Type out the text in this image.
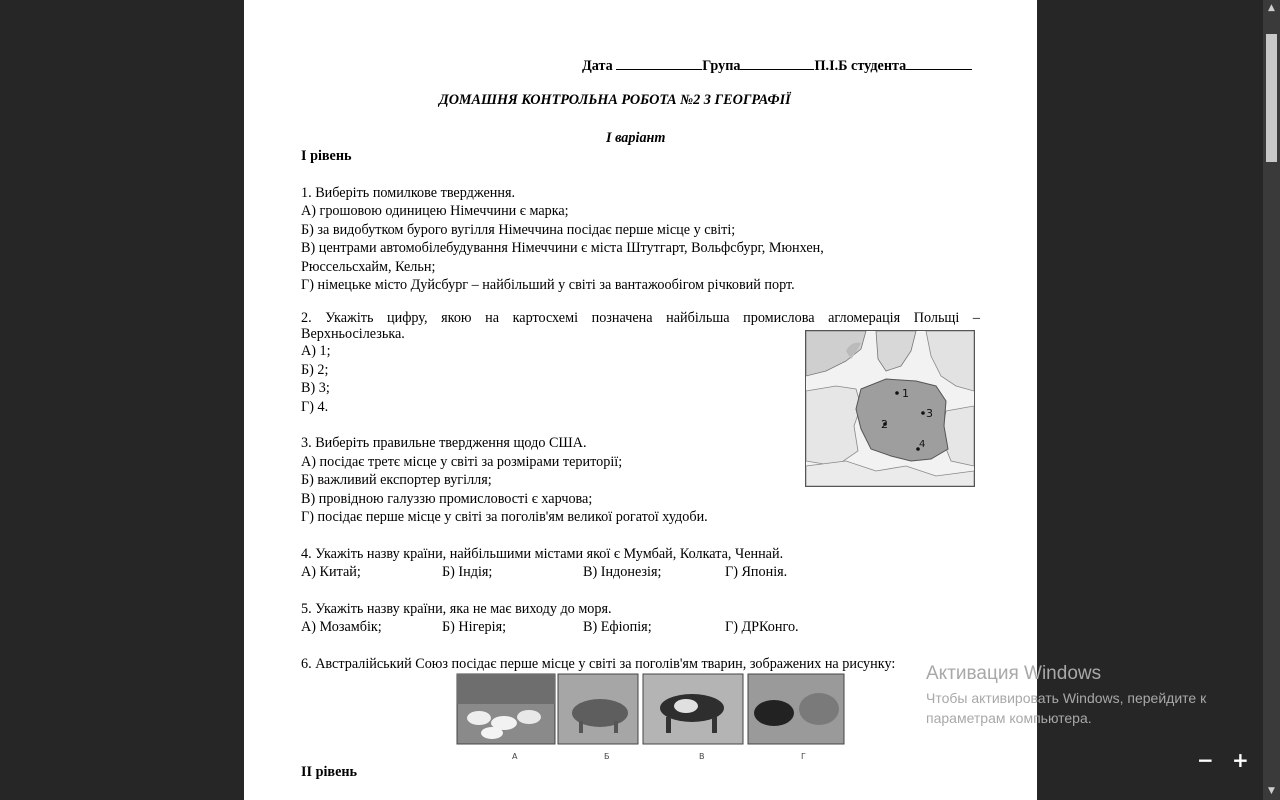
Дата	Група	П.І.Б студента
ДОМАШНЯ КОНТРОЛЬНА РОБОТА №2 З ГЕОГРАФІЇ
І варіант
І рівень
1. Виберіть помилкове твердження.
А) грошовою одиницею Німеччини є марка;
Б) за видобутком бурого вугілля Німеччина посідає перше місце у світі;
В) центрами автомобілебудування Німеччини є міста Штутгарт, Вольфсбург, Мюнхен,
Рюссельсхайм, Кельн;
Г) німецьке місто Дуйсбург – найбільший у світі за вантажообігом річковий порт.
2. Укажіть цифру, якою на картосхемі позначена найбільша промислова агломерація Польщі –
Верхньосілезька.
А) 1;
Б) 2;
В) 3;
Г) 4.
1
2
3
4
3. Виберіть правильне твердження щодо США.
А) посідає третє місце у світі за розмірами території;
Б) важливий експортер вугілля;
В) провідною галуззю промисловості є харчова;
Г) посідає перше місце у світі за поголів'ям великої рогатої худоби.
4. Укажіть назву країни, найбільшими містами якої є Мумбай, Колката, Ченнай.
А) Китай;	Б) Індія;	В) Індонезія;	Г) Японія.
5. Укажіть назву країни, яка не має виходу до моря.
А) Мозамбік;	Б) Нігерія;	В) Ефіопія;	Г) ДРКонго.
6. Австралійський Союз посідає перше місце у світі за поголів'ям тварин, зображених на рисунку:
А	Б	В	Г
ІІ рівень
Активация Windows
Чтобы активировать Windows, перейдите к
параметрам компьютера.
− +
▲
▼
